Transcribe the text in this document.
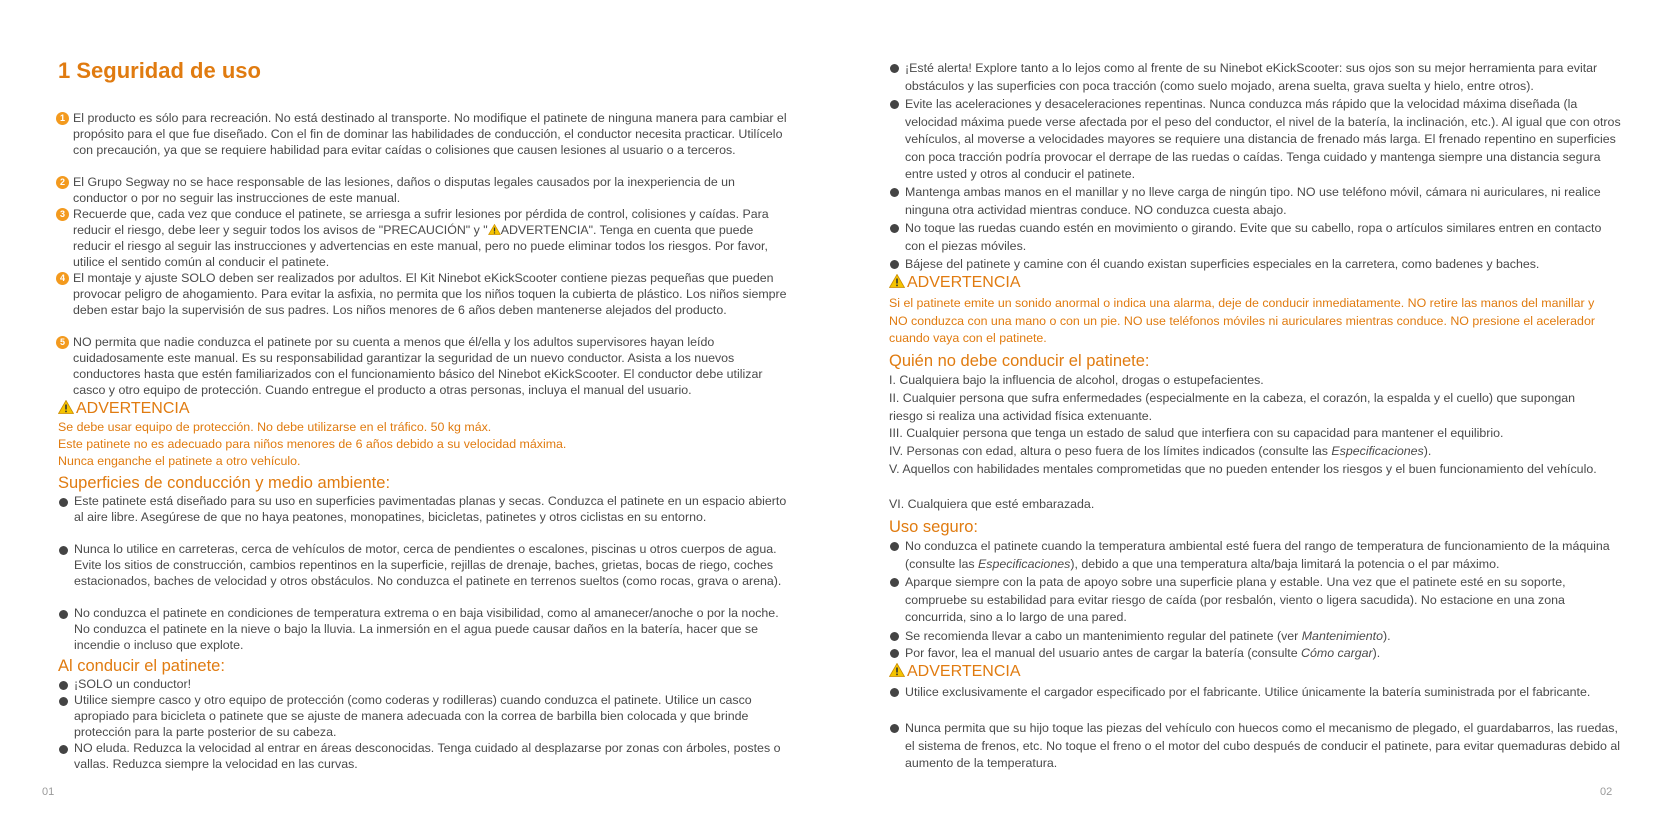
1 Seguridad de uso
1 El producto es sólo para recreación. No está destinado al transporte. No modifique el patinete de ninguna manera para cambiar el propósito para el que fue diseñado. Con el fin de dominar las habilidades de conducción, el conductor necesita practicar. Utilícelo con precaución, ya que se requiere habilidad para evitar caídas o colisiones que causen lesiones al usuario o a terceros.
2 El Grupo Segway no se hace responsable de las lesiones, daños o disputas legales causados por la inexperiencia de un conductor o por no seguir las instrucciones de este manual.
3 Recuerde que, cada vez que conduce el patinete, se arriesga a sufrir lesiones por pérdida de control, colisiones y caídas. Para reducir el riesgo, debe leer y seguir todos los avisos de "PRECAUCIÓN" y " ADVERTENCIA". Tenga en cuenta que puede reducir el riesgo al seguir las instrucciones y advertencias en este manual, pero no puede eliminar todos los riesgos. Por favor, utilice el sentido común al conducir el patinete.
4 El montaje y ajuste SOLO deben ser realizados por adultos. El Kit Ninebot eKickScooter contiene piezas pequeñas que pueden provocar peligro de ahogamiento. Para evitar la asfixia, no permita que los niños toquen la cubierta de plástico. Los niños siempre deben estar bajo la supervisión de sus padres. Los niños menores de 6 años deben mantenerse alejados del producto.
5 NO permita que nadie conduzca el patinete por su cuenta a menos que él/ella y los adultos supervisores hayan leído cuidadosamente este manual. Es su responsabilidad garantizar la seguridad de un nuevo conductor. Asista a los nuevos conductores hasta que estén familiarizados con el funcionamiento básico del Ninebot eKickScooter. El conductor debe utilizar casco y otro equipo de protección. Cuando entregue el producto a otras personas, incluya el manual del usuario.
ADVERTENCIA
Se debe usar equipo de protección. No debe utilizarse en el tráfico. 50 kg máx.
Este patinete no es adecuado para niños menores de 6 años debido a su velocidad máxima.
Nunca enganche el patinete a otro vehículo.
Superficies de conducción y medio ambiente:
Este patinete está diseñado para su uso en superficies pavimentadas planas y secas. Conduzca el patinete en un espacio abierto al aire libre. Asegúrese de que no haya peatones, monopatines, bicicletas, patinetes y otros ciclistas en su entorno.
Nunca lo utilice en carreteras, cerca de vehículos de motor, cerca de pendientes o escalones, piscinas u otros cuerpos de agua. Evite los sitios de construcción, cambios repentinos en la superficie, rejillas de drenaje, baches, grietas, bocas de riego, coches estacionados, baches de velocidad y otros obstáculos. No conduzca el patinete en terrenos sueltos (como rocas, grava o arena).
No conduzca el patinete en condiciones de temperatura extrema o en baja visibilidad, como al amanecer/anoche o por la noche. No conduzca el patinete en la nieve o bajo la lluvia. La inmersión en el agua puede causar daños en la batería, hacer que se incendie o incluso que explote.
Al conducir el patinete:
¡SOLO un conductor!
Utilice siempre casco y otro equipo de protección (como coderas y rodilleras) cuando conduzca el patinete. Utilice un casco apropiado para bicicleta o patinete que se ajuste de manera adecuada con la correa de barbilla bien colocada y que brinde protección para la parte posterior de su cabeza.
NO eluda. Reduzca la velocidad al entrar en áreas desconocidas. Tenga cuidado al desplazarse por zonas con árboles, postes o vallas. Reduzca siempre la velocidad en las curvas.
01
¡Esté alerta! Explore tanto a lo lejos como al frente de su Ninebot eKickScooter: sus ojos son su mejor herramienta para evitar obstáculos y las superficies con poca tracción (como suelo mojado, arena suelta, grava suelta y hielo, entre otros).
Evite las aceleraciones y desaceleraciones repentinas. Nunca conduzca más rápido que la velocidad máxima diseñada (la velocidad máxima puede verse afectada por el peso del conductor, el nivel de la batería, la inclinación, etc.). Al igual que con otros vehículos, al moverse a velocidades mayores se requiere una distancia de frenado más larga. El frenado repentino en superficies con poca tracción podría provocar el derrape de las ruedas o caídas. Tenga cuidado y mantenga siempre una distancia segura entre usted y otros al conducir el patinete.
Mantenga ambas manos en el manillar y no lleve carga de ningún tipo. NO use teléfono móvil, cámara ni auriculares, ni realice ninguna otra actividad mientras conduce. NO conduzca cuesta abajo.
No toque las ruedas cuando estén en movimiento o girando. Evite que su cabello, ropa o artículos similares entren en contacto con el piezas móviles.
Bájese del patinete y camine con él cuando existan superficies especiales en la carretera, como badenes y baches.
ADVERTENCIA
Si el patinete emite un sonido anormal o indica una alarma, deje de conducir inmediatamente. NO retire las manos del manillar y NO conduzca con una mano o con un pie. NO use teléfonos móviles ni auriculares mientras conduce. NO presione el acelerador cuando vaya con el patinete.
Quién no debe conducir el patinete:
I. Cualquiera bajo la influencia de alcohol, drogas o estupefacientes.
II. Cualquier persona que sufra enfermedades (especialmente en la cabeza, el corazón, la espalda y el cuello) que supongan riesgo si realiza una actividad física extenuante.
III. Cualquier persona que tenga un estado de salud que interfiera con su capacidad para mantener el equilibrio.
IV. Personas con edad, altura o peso fuera de los límites indicados (consulte las Especificaciones).
V. Aquellos con habilidades mentales comprometidas que no pueden entender los riesgos y el buen funcionamiento del vehículo.
VI. Cualquiera que esté embarazada.
Uso seguro:
No conduzca el patinete cuando la temperatura ambiental esté fuera del rango de temperatura de funcionamiento de la máquina (consulte las Especificaciones), debido a que una temperatura alta/baja limitará la potencia o el par máximo.
Aparque siempre con la pata de apoyo sobre una superficie plana y estable. Una vez que el patinete esté en su soporte, compruebe su estabilidad para evitar riesgo de caída (por resbalón, viento o ligera sacudida). No estacione en una zona concurrida, sino a lo largo de una pared.
Se recomienda llevar a cabo un mantenimiento regular del patinete (ver Mantenimiento).
Por favor, lea el manual del usuario antes de cargar la batería (consulte Cómo cargar).
ADVERTENCIA
Utilice exclusivamente el cargador especificado por el fabricante. Utilice únicamente la batería suministrada por el fabricante.
Nunca permita que su hijo toque las piezas del vehículo con huecos como el mecanismo de plegado, el guardabarros, las ruedas, el sistema de frenos, etc. No toque el freno o el motor del cubo después de conducir el patinete, para evitar quemaduras debido al aumento de la temperatura.
02
